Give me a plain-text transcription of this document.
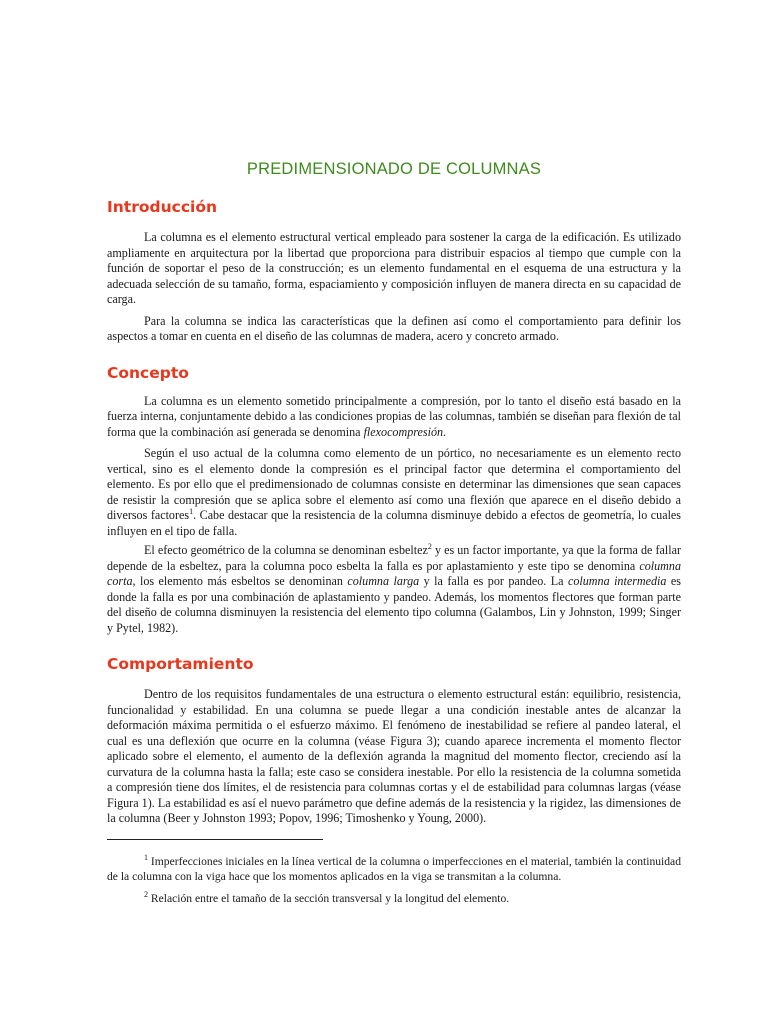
PREDIMENSIONADO DE COLUMNAS
Introducción

La columna es el elemento estructural vertical empleado para sostener la carga de la edificación. Es utilizado ampliamente en arquitectura por la libertad que proporciona para distribuir espacios al tiempo que cumple con la función de soportar el peso de la construcción; es un elemento fundamental en el esquema de una estructura y la adecuada selección de su tamaño, forma, espaciamiento y composición influyen de manera directa en su capacidad de carga.

Para la columna se indica las características que la definen así como el comportamiento para definir los aspectos a tomar en cuenta en el diseño de las columnas de madera, acero y concreto armado.

Concepto

La columna es un elemento sometido principalmente a compresión, por lo tanto el diseño está basado en la fuerza interna, conjuntamente debido a las condiciones propias de las columnas, también se diseñan para flexión de tal forma que la combinación así generada se denomina flexocompresión.

Según el uso actual de la columna como elemento de un pórtico, no necesariamente es un elemento recto vertical, sino es el elemento donde la compresión es el principal factor que determina el comportamiento del elemento. Es por ello que el predimensionado de columnas consiste en determinar las dimensiones que sean capaces de resistir la compresión que se aplica sobre el elemento así como una flexión que aparece en el diseño debido a diversos factores$^1$. Cabe destacar que la resistencia de la columna disminuye debido a efectos de geometría, lo cuales influyen en el tipo de falla.

El efecto geométrico de la columna se denominan esbeltez$^2$ y es un factor importante, ya que la forma de fallar depende de la esbeltez, para la columna poco esbelta la falla es por aplastamiento y este tipo se denomina columna corta, los elemento más esbeltos se denominan columna larga y la falla es por pandeo. La columna intermedia es donde la falla es por una combinación de aplastamiento y pandeo. Además, los momentos flectores que forman parte del diseño de columna disminuyen la resistencia del elemento tipo columna (Galambos, Lin y Johnston, 1999; Singer y Pytel, 1982).

Comportamiento

Dentro de los requisitos fundamentales de una estructura o elemento estructural están: equilibrio, resistencia, funcionalidad y estabilidad. En una columna se puede llegar a una condición inestable antes de alcanzar la deformación máxima permitida o el esfuerzo máximo. El fenómeno de inestabilidad se refiere al pandeo lateral, el cual es una deflexión que ocurre en la columna (véase Figura 3); cuando aparece incrementa el momento flector aplicado sobre el elemento, el aumento de la deflexión agranda la magnitud del momento flector, creciendo así la curvatura de la columna hasta la falla; este caso se considera inestable. Por ello la resistencia de la columna sometida a compresión tiene dos límites, el de resistencia para columnas cortas y el de estabilidad para columnas largas (véase Figura 1). La estabilidad es así el nuevo parámetro que define además de la resistencia y la rigidez, las dimensiones de la columna (Beer y Johnston 1993; Popov, 1996; Timoshenko y Young, 2000).

$^1$ Imperfecciones iniciales en la línea vertical de la columna o imperfecciones en el material, también la continuidad de la columna con la viga hace que los momentos aplicados en la viga se transmitan a la columna.

$^2$ Relación entre el tamaño de la sección transversal y la longitud del elemento.
